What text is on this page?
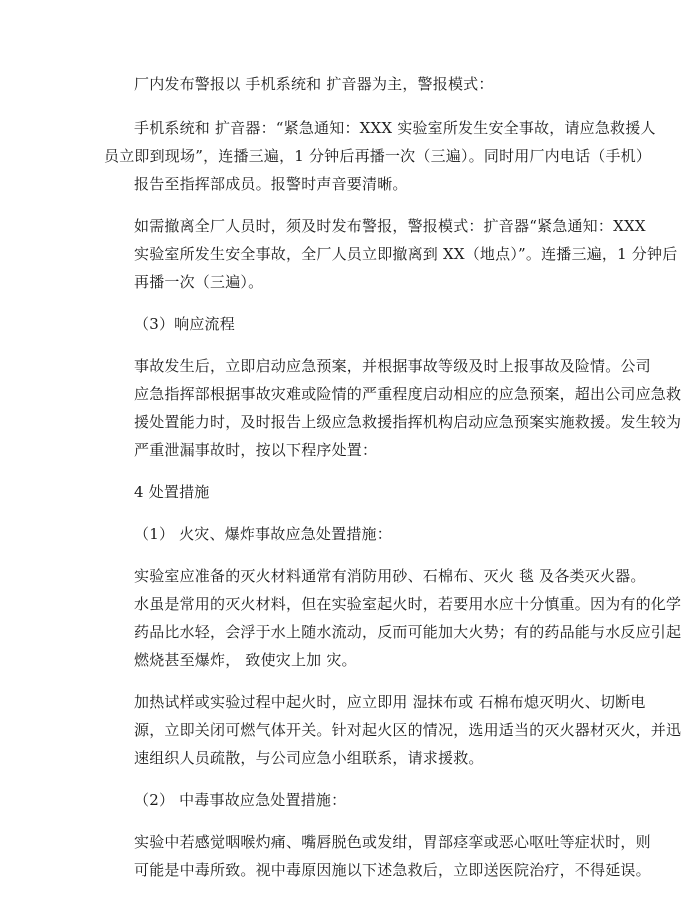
厂内发布警报以 手机系统和 扩音器为主，警报模式：

手机系统和 扩音器：“紧急通知：XXX 实验室所发生安全事故，请应急救援人
员立即到现场”，连播三遍，1 分钟后再播一次（三遍）。同时用厂内电话（手机）
报告至指挥部成员。报警时声音要清晰。

如需撤离全厂人员时，须及时发布警报，警报模式：扩音器“紧急通知：XXX
实验室所发生安全事故，全厂人员立即撤离到 XX（地点）”。连播三遍，1 分钟后
再播一次（三遍）。

（3）响应流程

事故发生后，立即启动应急预案，并根据事故等级及时上报事故及险情。公司
应急指挥部根据事故灾难或险情的严重程度启动相应的应急预案，超出公司应急救
援处置能力时，及时报告上级应急救援指挥机构启动应急预案实施救援。发生较为
严重泄漏事故时，按以下程序处置：

4 处置措施

（1） 火灾、爆炸事故应急处置措施：

实验室应准备的灭火材料通常有消防用砂、石棉布、灭火 毯 及各类灭火器。
水虽是常用的灭火材料，但在实验室起火时，若要用水应十分慎重。因为有的化学
药品比水轻，会浮于水上随水流动，反而可能加大火势；有的药品能与水反应引起
燃烧甚至爆炸， 致使灾上加 灾。

加热试样或实验过程中起火时，应立即用 湿抹布或 石棉布熄灭明火、切断电
源，立即关闭可燃气体开关。针对起火区的情况，选用适当的灭火器材灭火，并迅
速组织人员疏散，与公司应急小组联系，请求援救。

（2） 中毒事故应急处置措施：

实验中若感觉咽喉灼痛、嘴唇脱色或发绀，胃部痉挛或恶心呕吐等症状时，则
可能是中毒所致。视中毒原因施以下述急救后，立即送医院治疗，不得延误。
